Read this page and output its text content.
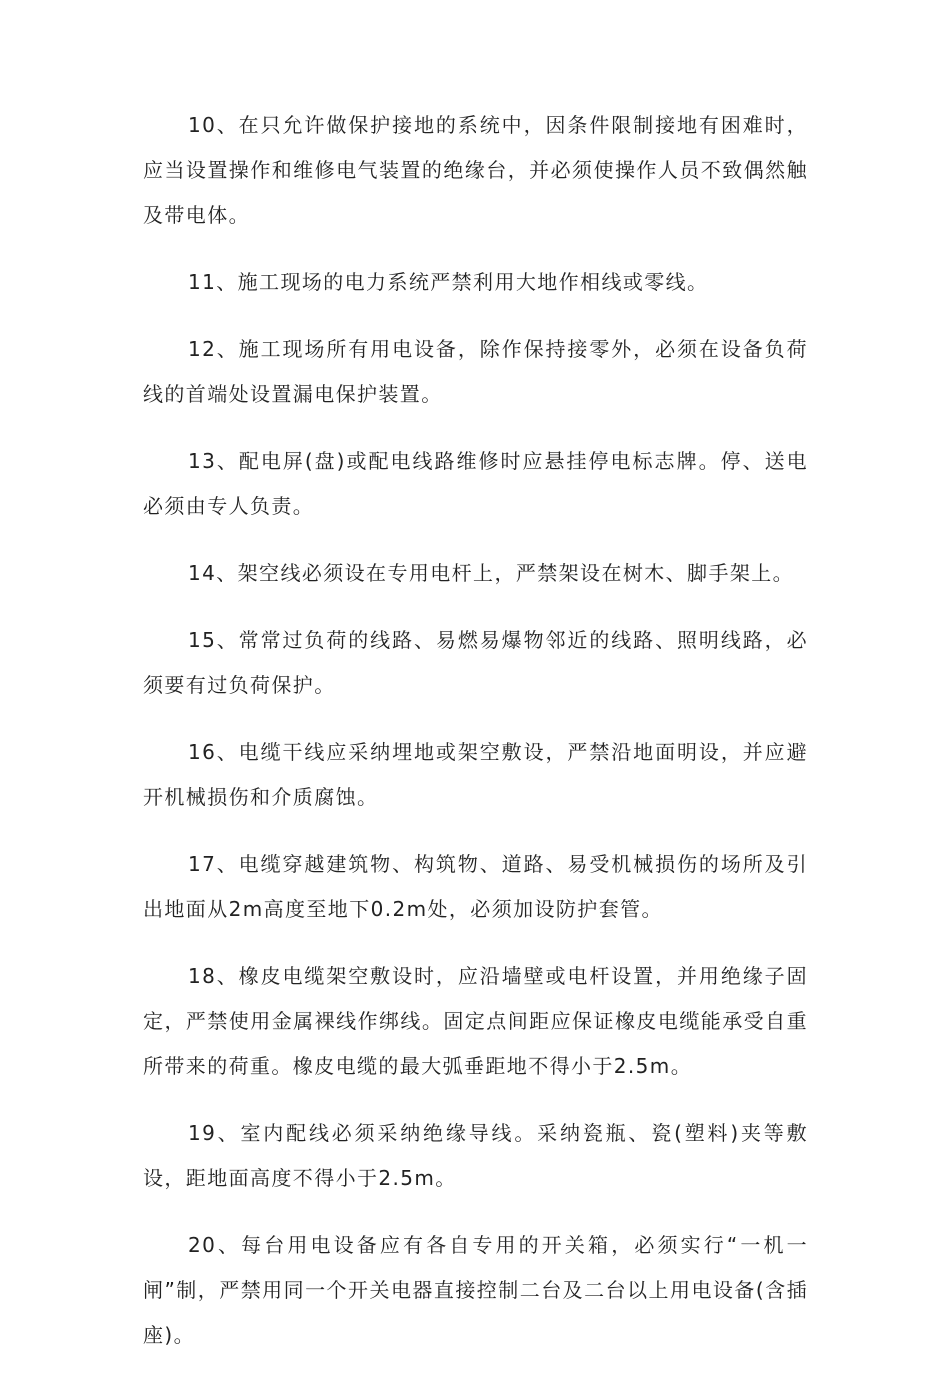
10、在只允许做保护接地的系统中，因条件限制接地有困难时，应当设置操作和维修电气装置的绝缘台，并必须使操作人员不致偶然触及带电体。

11、施工现场的电力系统严禁利用大地作相线或零线。

12、施工现场所有用电设备，除作保持接零外，必须在设备负荷线的首端处设置漏电保护装置。

13、配电屏(盘)或配电线路维修时应悬挂停电标志牌。停、送电必须由专人负责。

14、架空线必须设在专用电杆上，严禁架设在树木、脚手架上。

15、常常过负荷的线路、易燃易爆物邻近的线路、照明线路，必须要有过负荷保护。

16、电缆干线应采纳埋地或架空敷设，严禁沿地面明设，并应避开机械损伤和介质腐蚀。

17、电缆穿越建筑物、构筑物、道路、易受机械损伤的场所及引出地面从2m高度至地下0.2m处，必须加设防护套管。

18、橡皮电缆架空敷设时，应沿墙壁或电杆设置，并用绝缘子固定，严禁使用金属裸线作绑线。固定点间距应保证橡皮电缆能承受自重所带来的荷重。橡皮电缆的最大弧垂距地不得小于2.5m。

19、室内配线必须采纳绝缘导线。采纳瓷瓶、瓷(塑料)夹等敷设，距地面高度不得小于2.5m。

20、每台用电设备应有各自专用的开关箱，必须实行“一机一闸”制，严禁用同一个开关电器直接控制二台及二台以上用电设备(含插座)。
